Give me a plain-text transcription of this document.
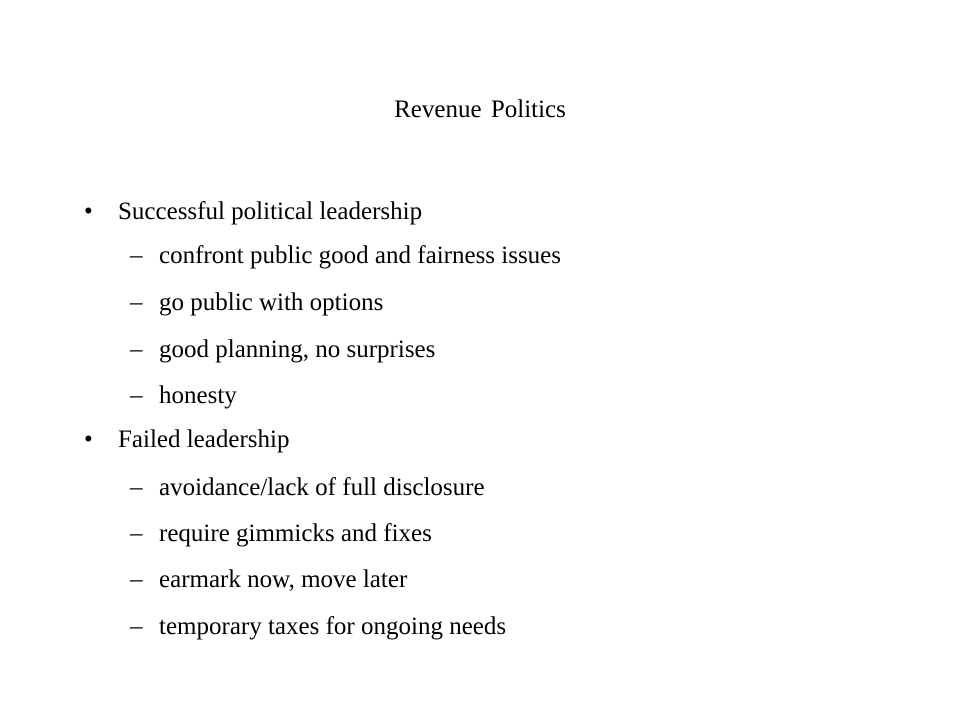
Revenue Politics
• Successful political leadership
– confront public good and fairness issues
– go public with options
– good planning, no surprises
– honesty
• Failed leadership
– avoidance/lack of full disclosure
– require gimmicks and fixes
– earmark now, move later
– temporary taxes for ongoing needs
